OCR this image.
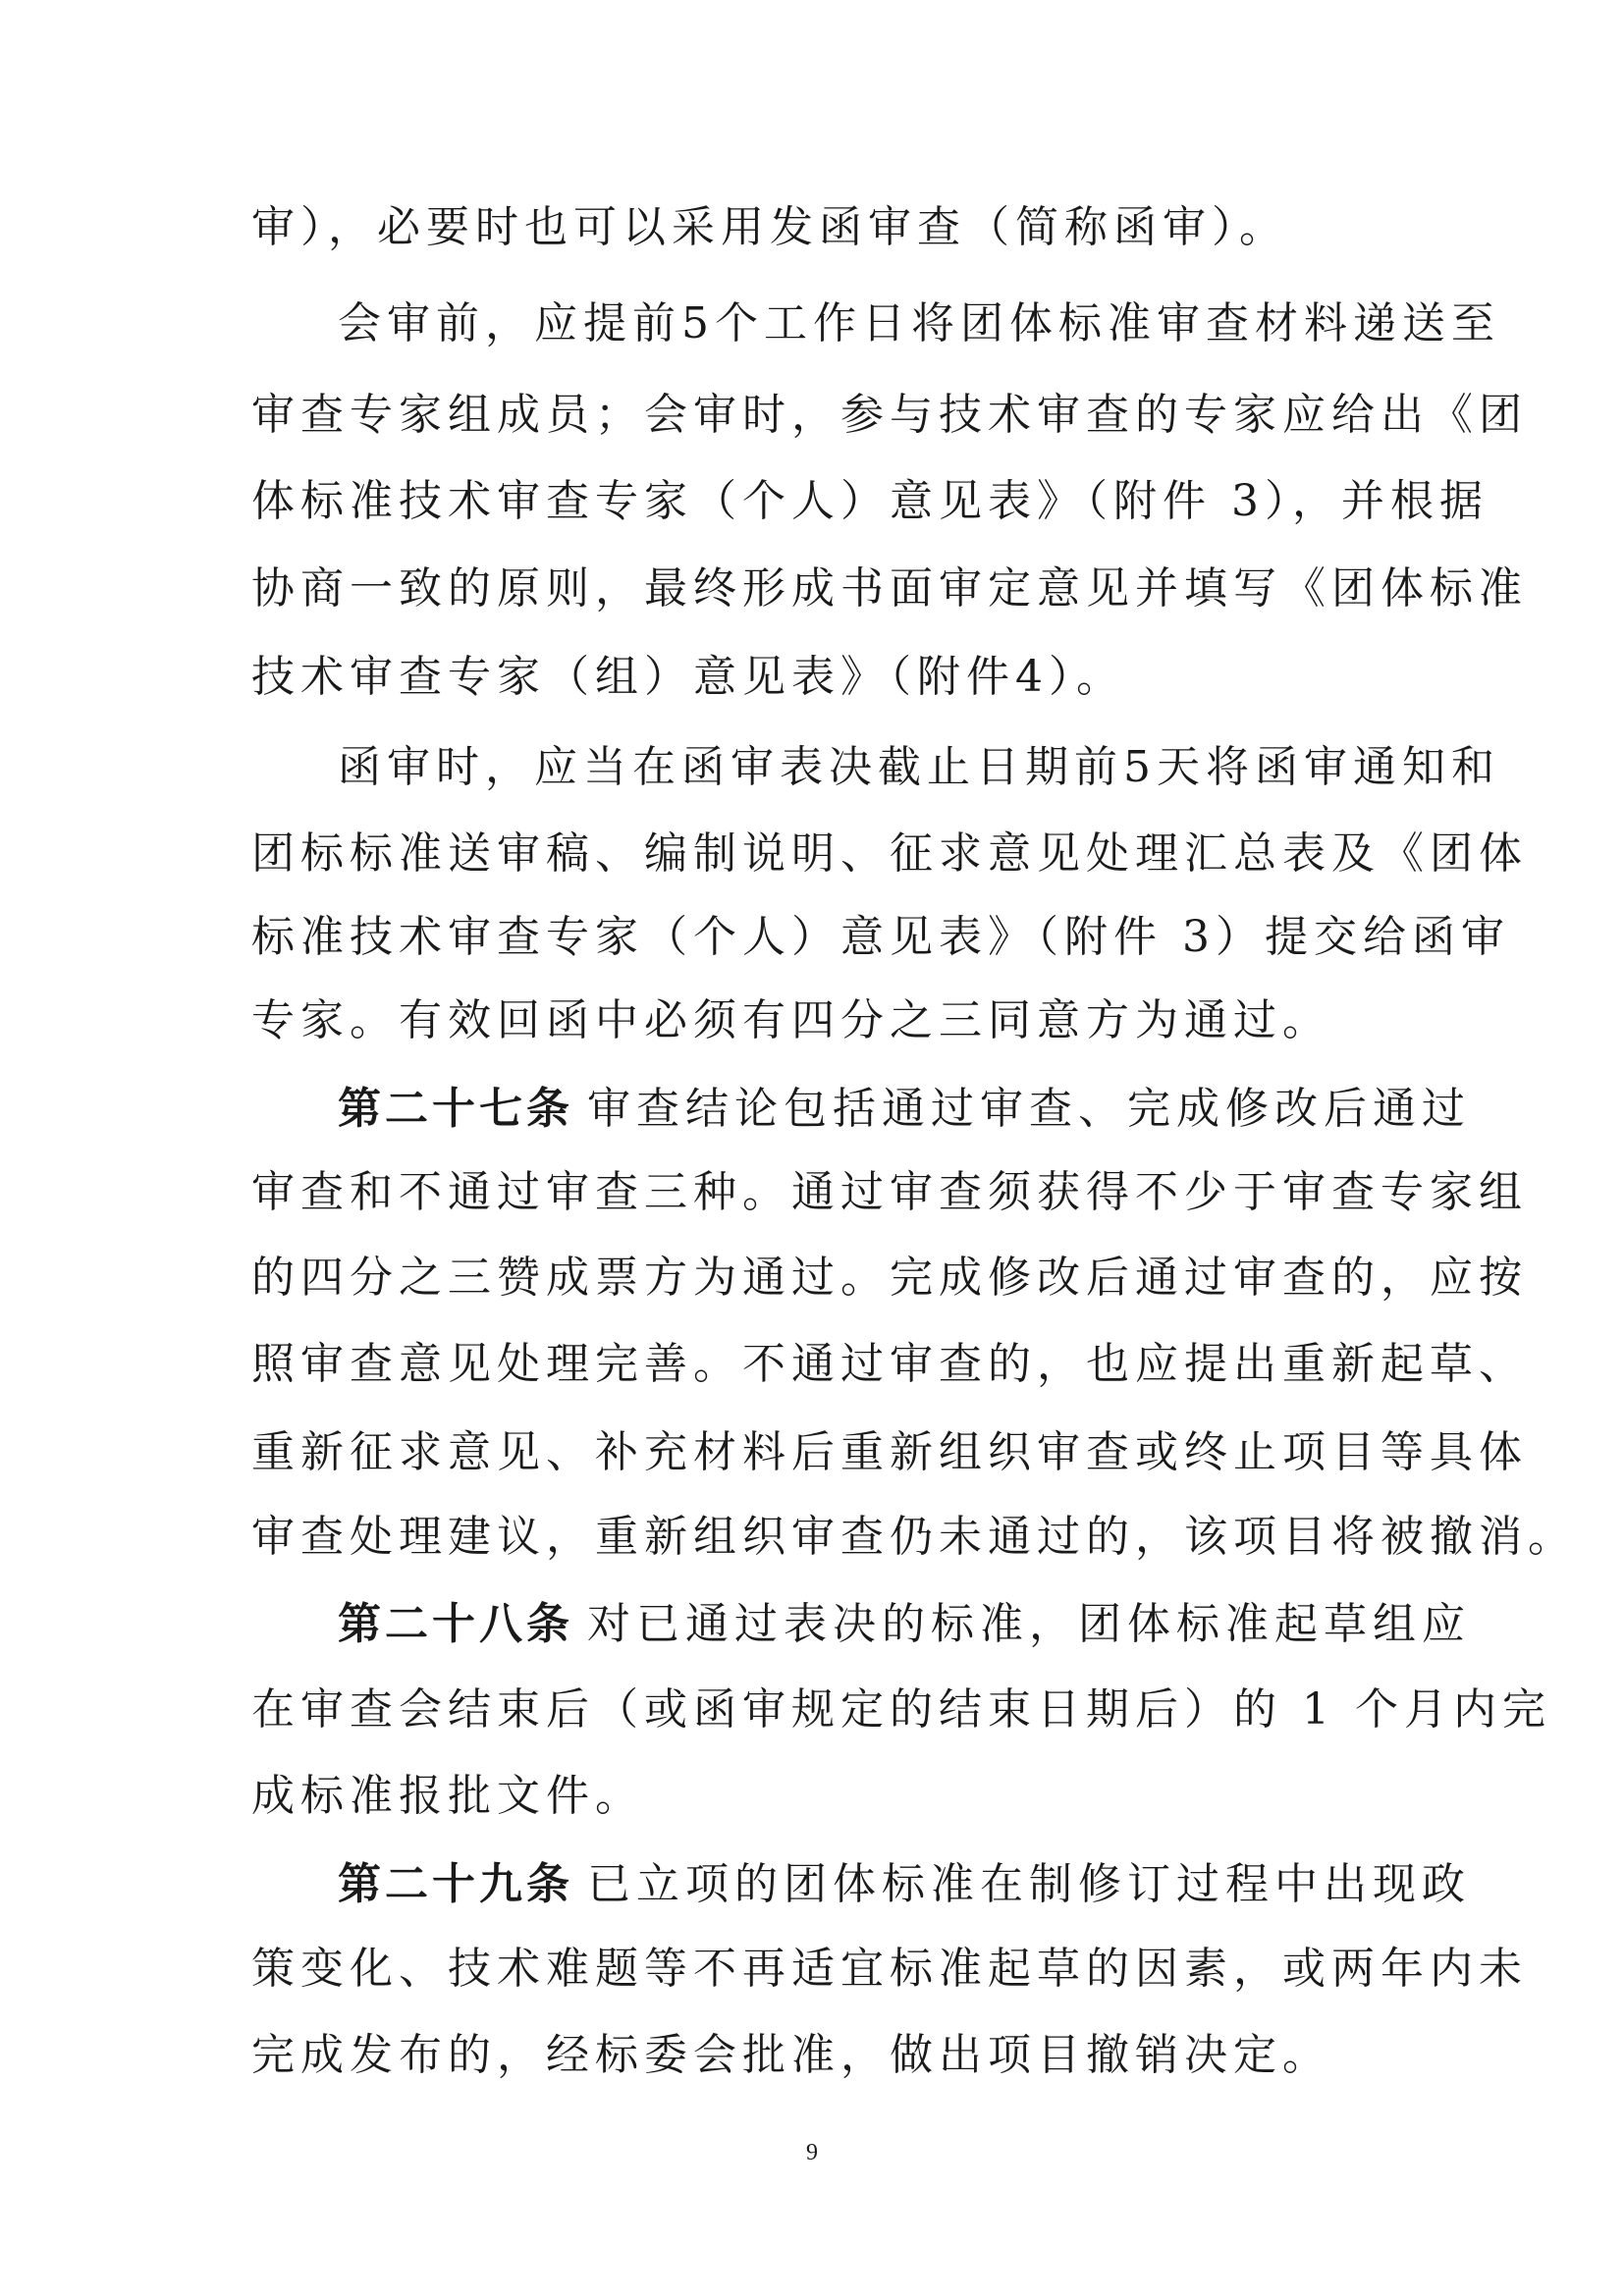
审），必要时也可以采用发函审查（简称函审）。
会审前，应提前5个工作日将团体标准审查材料递送至
审查专家组成员；会审时，参与技术审查的专家应给出《团
体标准技术审查专家（个人）意见表》（附件 3），并根据
协商一致的原则，最终形成书面审定意见并填写《团体标准
技术审查专家（组）意见表》（附件4）。
函审时，应当在函审表决截止日期前5天将函审通知和
团标标准送审稿、编制说明、征求意见处理汇总表及《团体
标准技术审查专家（个人）意见表》（附件 3）提交给函审
专家。有效回函中必须有四分之三同意方为通过。
第二十七条 审查结论包括通过审查、完成修改后通过
审查和不通过审查三种。通过审查须获得不少于审查专家组
的四分之三赞成票方为通过。完成修改后通过审查的，应按
照审查意见处理完善。不通过审查的，也应提出重新起草、
重新征求意见、补充材料后重新组织审查或终止项目等具体
审查处理建议，重新组织审查仍未通过的，该项目将被撤消。
第二十八条 对已通过表决的标准，团体标准起草组应
在审查会结束后（或函审规定的结束日期后）的 1 个月内完
成标准报批文件。
第二十九条 已立项的团体标准在制修订过程中出现政
策变化、技术难题等不再适宜标准起草的因素，或两年内未
完成发布的，经标委会批准，做出项目撤销决定。
9
